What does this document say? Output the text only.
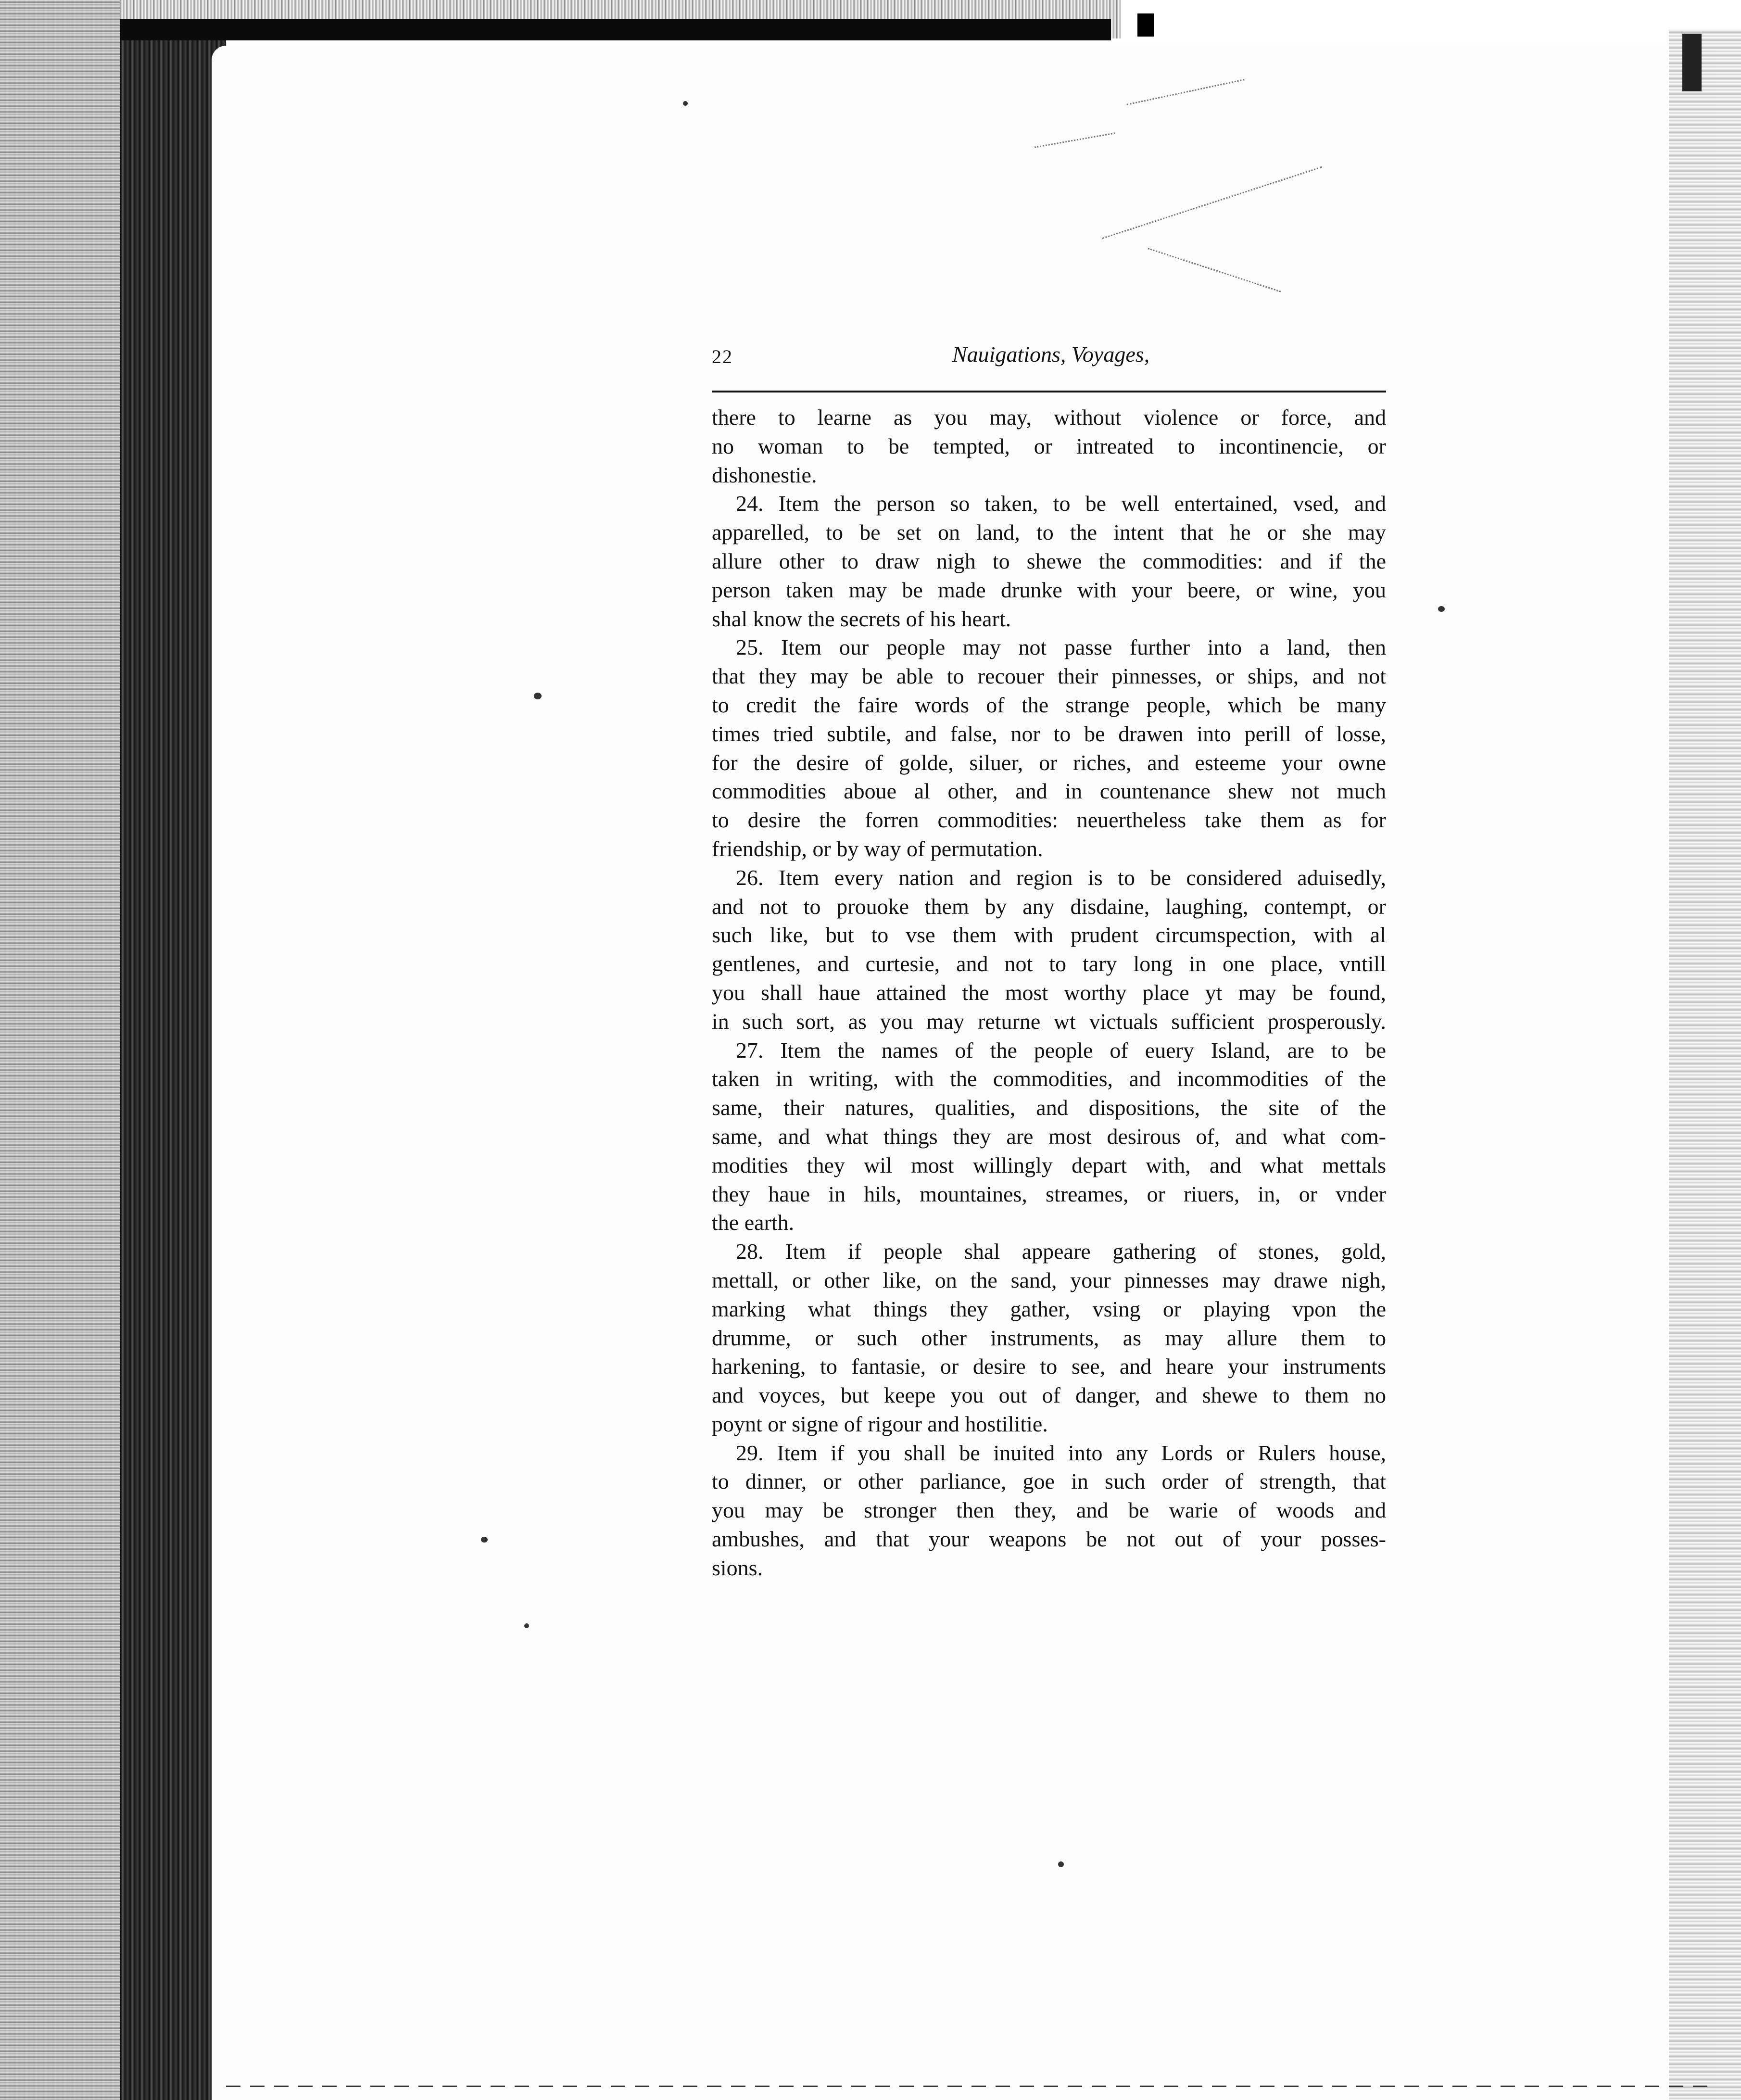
22	Nauigations, Voyages,
there to learne as you may, without violence or force, and
no woman to be tempted, or intreated to incontinencie, or
dishonestie.
24. Item the person so taken, to be well entertained, vsed, and
apparelled, to be set on land, to the intent that he or she may
allure other to draw nigh to shewe the commodities: and if the
person taken may be made drunke with your beere, or wine, you
shal know the secrets of his heart.
25. Item our people may not passe further into a land, then
that they may be able to recouer their pinnesses, or ships, and not
to credit the faire words of the strange people, which be many
times tried subtile, and false, nor to be drawen into perill of losse,
for the desire of golde, siluer, or riches, and esteeme your owne
commodities aboue al other, and in countenance shew not much
to desire the forren commodities: neuertheless take them as for
friendship, or by way of permutation.
26. Item every nation and region is to be considered aduisedly,
and not to prouoke them by any disdaine, laughing, contempt, or
such like, but to vse them with prudent circumspection, with al
gentlenes, and curtesie, and not to tary long in one place, vntill
you shall haue attained the most worthy place yt may be found,
in such sort, as you may returne wt victuals sufficient prosperously.
27. Item the names of the people of euery Island, are to be
taken in writing, with the commodities, and incommodities of the
same, their natures, qualities, and dispositions, the site of the
same, and what things they are most desirous of, and what com-
modities they wil most willingly depart with, and what mettals
they haue in hils, mountaines, streames, or riuers, in, or vnder
the earth.
28. Item if people shal appeare gathering of stones, gold,
mettall, or other like, on the sand, your pinnesses may drawe nigh,
marking what things they gather, vsing or playing vpon the
drumme, or such other instruments, as may allure them to
harkening, to fantasie, or desire to see, and heare your instruments
and voyces, but keepe you out of danger, and shewe to them no
poynt or signe of rigour and hostilitie.
29. Item if you shall be inuited into any Lords or Rulers house,
to dinner, or other parliance, goe in such order of strength, that
you may be stronger then they, and be warie of woods and
ambushes, and that your weapons be not out of your posses-
sions.
